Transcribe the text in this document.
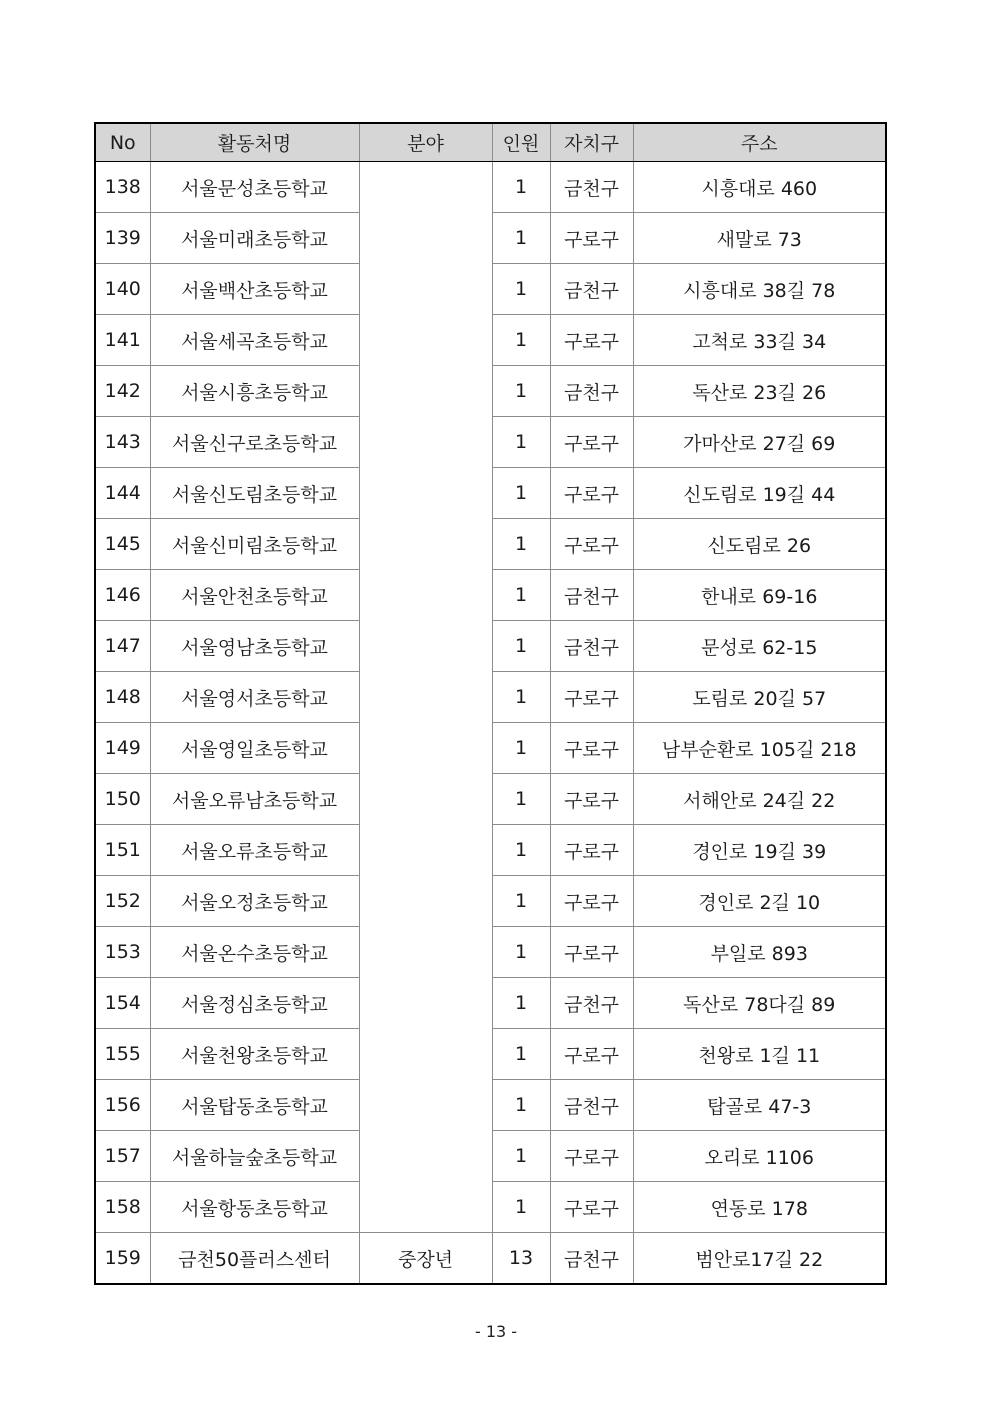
No	활동처명	분야	인원	자치구	주소
138	서울문성초등학교		1	금천구	시흥대로 460
139	서울미래초등학교		1	구로구	새말로 73
140	서울백산초등학교		1	금천구	시흥대로 38길 78
141	서울세곡초등학교		1	구로구	고척로 33길 34
142	서울시흥초등학교		1	금천구	독산로 23길 26
143	서울신구로초등학교		1	구로구	가마산로 27길 69
144	서울신도림초등학교		1	구로구	신도림로 19길 44
145	서울신미림초등학교		1	구로구	신도림로 26
146	서울안천초등학교		1	금천구	한내로 69-16
147	서울영남초등학교		1	금천구	문성로 62-15
148	서울영서초등학교		1	구로구	도림로 20길 57
149	서울영일초등학교		1	구로구	남부순환로 105길 218
150	서울오류남초등학교		1	구로구	서해안로 24길 22
151	서울오류초등학교		1	구로구	경인로 19길 39
152	서울오정초등학교		1	구로구	경인로 2길 10
153	서울온수초등학교		1	구로구	부일로 893
154	서울정심초등학교		1	금천구	독산로 78다길 89
155	서울천왕초등학교		1	구로구	천왕로 1길 11
156	서울탑동초등학교		1	금천구	탑골로 47-3
157	서울하늘숲초등학교		1	구로구	오리로 1106
158	서울항동초등학교		1	구로구	연동로 178
159	금천50플러스센터	중장년	13	금천구	범안로17길 22
- 13 -
